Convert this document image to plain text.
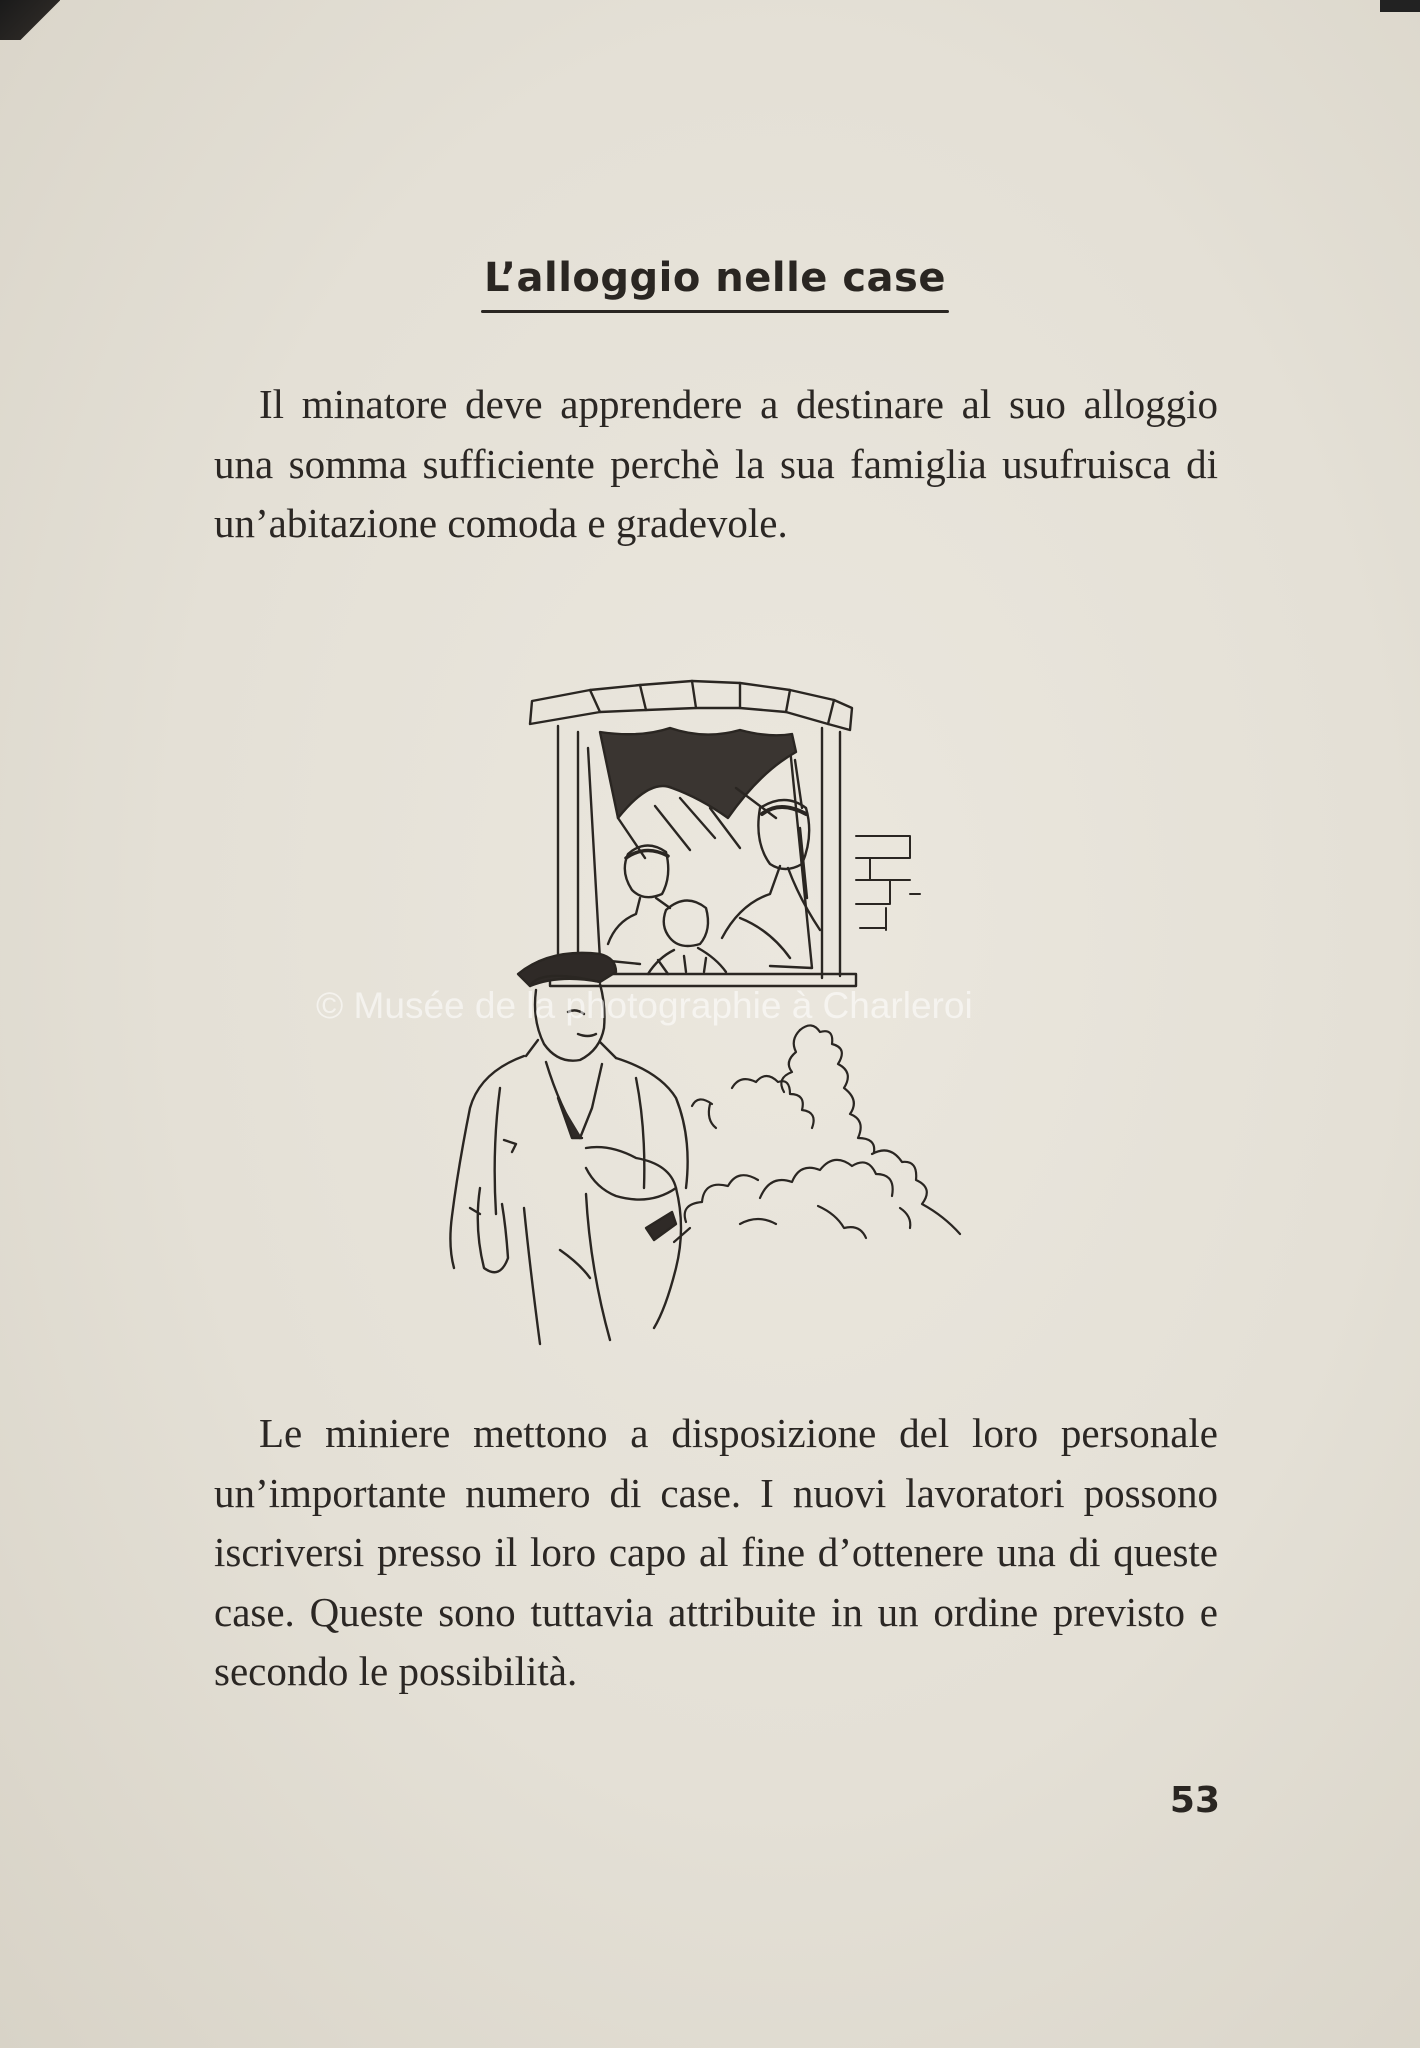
L’alloggio nelle case

Il minatore deve apprendere a destinare al suo alloggio una somma sufficiente perchè la sua famiglia usufruisca di un’abitazione comoda e gradevole.

© Musée de la photographie à Charleroi

Le miniere mettono a disposizione del loro personale un’importante numero di case. I nuovi lavoratori possono iscriversi presso il loro capo al fine d’ottenere una di queste case. Queste sono tuttavia attribuite in un ordine previsto e secondo le possibilità.

53
